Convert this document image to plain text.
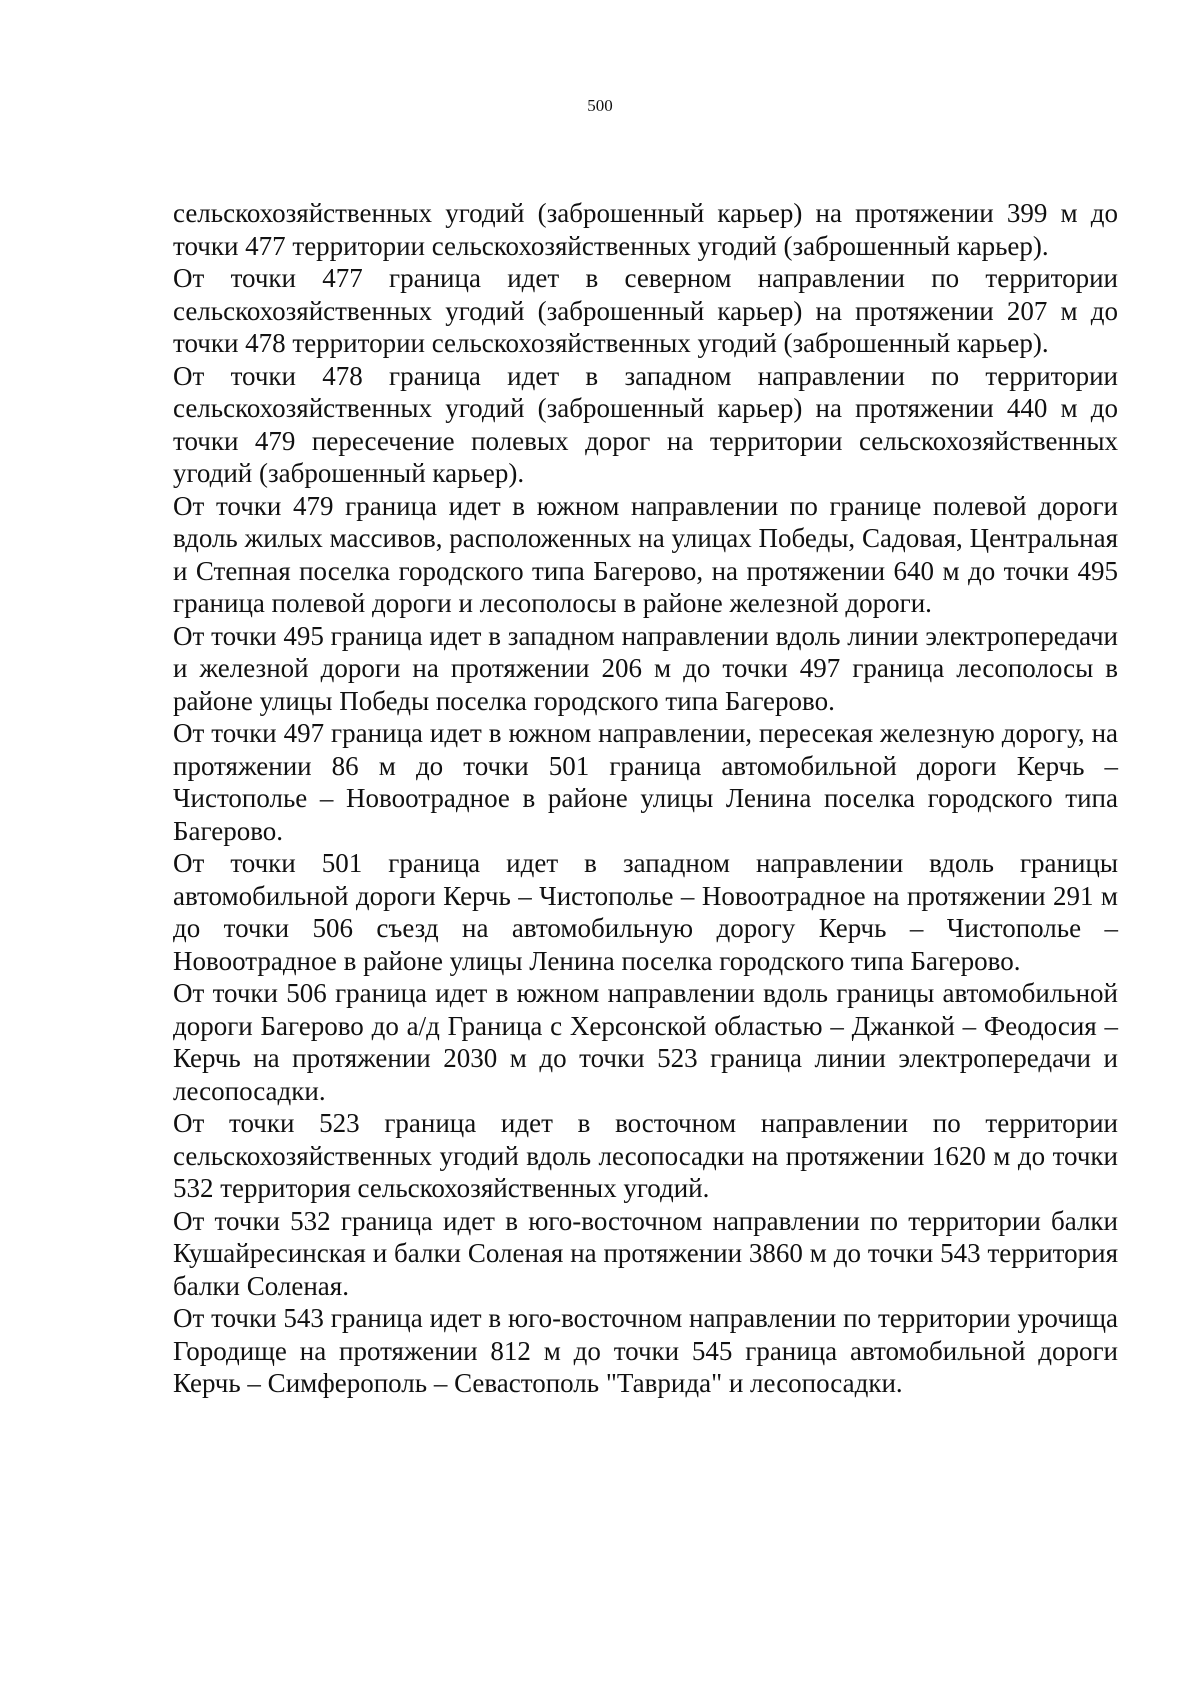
500

сельскохозяйственных угодий (заброшенный карьер) на протяжении 399 м до точки 477 территории сельскохозяйственных угодий (заброшенный карьер).

От точки 477 граница идет в северном направлении по территории сельскохозяйственных угодий (заброшенный карьер) на протяжении 207 м до точки 478 территории сельскохозяйственных угодий (заброшенный карьер).

От точки 478 граница идет в западном направлении по территории сельскохозяйственных угодий (заброшенный карьер) на протяжении 440 м до точки 479 пересечение полевых дорог на территории сельскохозяйственных угодий (заброшенный карьер).

От точки 479 граница идет в южном направлении по границе полевой дороги вдоль жилых массивов, расположенных на улицах Победы, Садовая, Центральная и Степная поселка городского типа Багерово, на протяжении 640 м до точки 495 граница полевой дороги и лесополосы в районе железной дороги.

От точки 495 граница идет в западном направлении вдоль линии электропередачи и железной дороги на протяжении 206 м до точки 497 граница лесополосы в районе улицы Победы поселка городского типа Багерово.

От точки 497 граница идет в южном направлении, пересекая железную дорогу, на протяжении 86 м до точки 501 граница автомобильной дороги Керчь – Чистополье – Новоотрадное в районе улицы Ленина поселка городского типа Багерово.

От точки 501 граница идет в западном направлении вдоль границы автомобильной дороги Керчь – Чистополье – Новоотрадное на протяжении 291 м до точки 506 съезд на автомобильную дорогу Керчь – Чистополье – Новоотрадное в районе улицы Ленина поселка городского типа Багерово.

От точки 506 граница идет в южном направлении вдоль границы автомобильной дороги Багерово до а/д Граница с Херсонской областью – Джанкой – Феодосия – Керчь на протяжении 2030 м до точки 523 граница линии электропередачи и лесопосадки.

От точки 523 граница идет в восточном направлении по территории сельскохозяйственных угодий вдоль лесопосадки на протяжении 1620 м до точки 532 территория сельскохозяйственных угодий.

От точки 532 граница идет в юго-восточном направлении по территории балки Кушайресинская и балки Соленая на протяжении 3860 м до точки 543 территория балки Соленая.

От точки 543 граница идет в юго-восточном направлении по территории урочища Городище на протяжении 812 м до точки 545 граница автомобильной дороги Керчь – Симферополь – Севастополь "Таврида" и лесопосадки.
